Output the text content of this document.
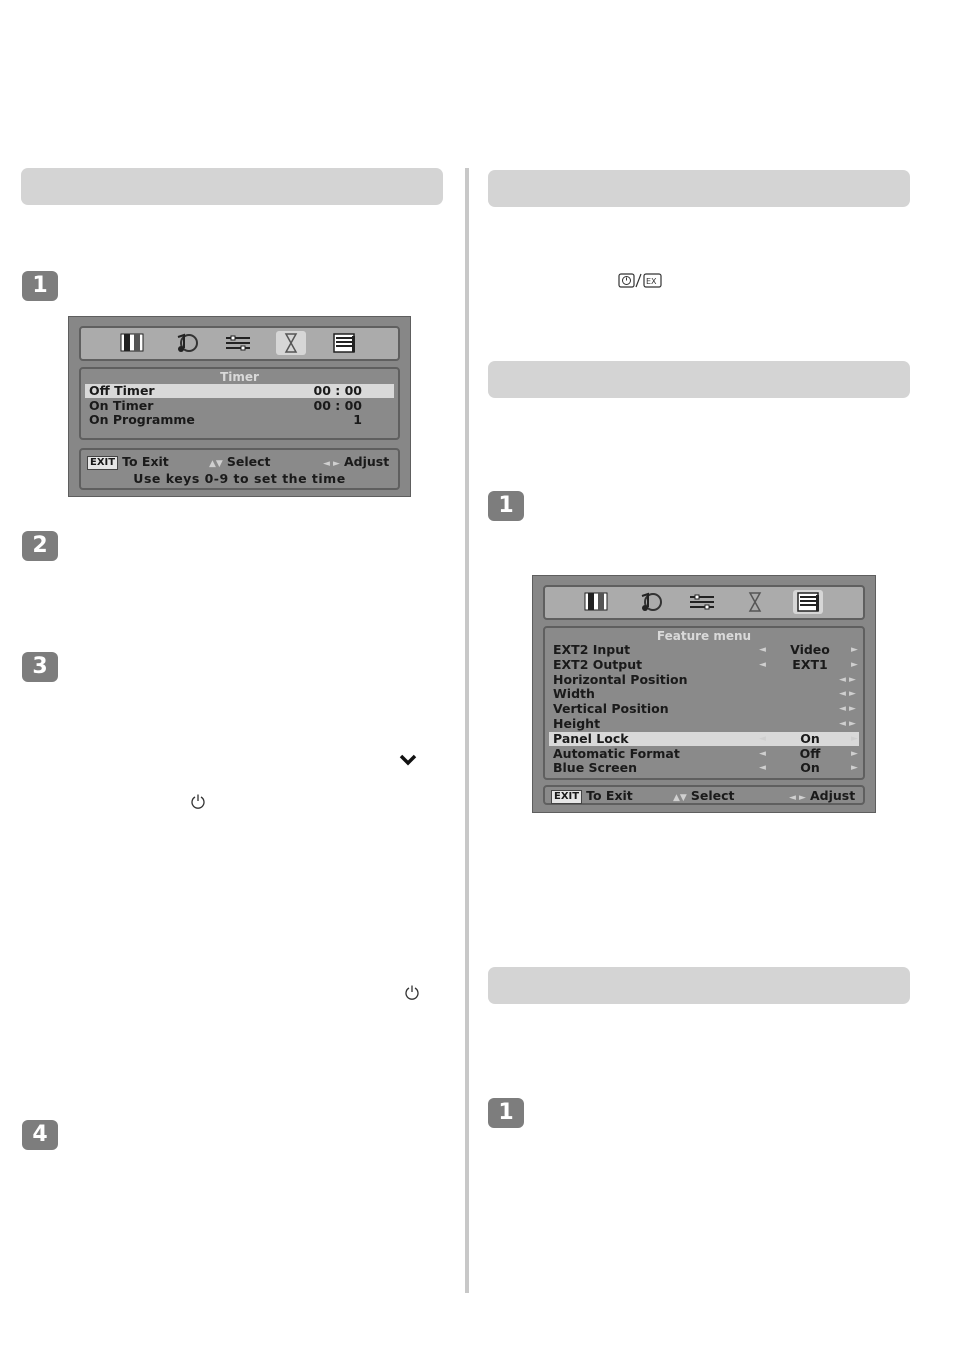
1
2
3
4
1
1
EX
Timer
Off Timer	00 : 00
On Timer	00 : 00
On Programme	1
EXIT To Exit	▲▼ Select	◄ ► Adjust
Use keys 0-9 to set the time
Feature menu
EXT2 Input	◄	Video	►
EXT2 Output	◄	EXT1	►
Horizontal Position	◄ ►
Width	◄ ►
Vertical Position	◄ ►
Height	◄ ►
Panel Lock	◄	On	►
Automatic Format	◄	Off	►
Blue Screen	◄	On	►
EXIT To Exit	▲▼ Select	◄ ► Adjust
